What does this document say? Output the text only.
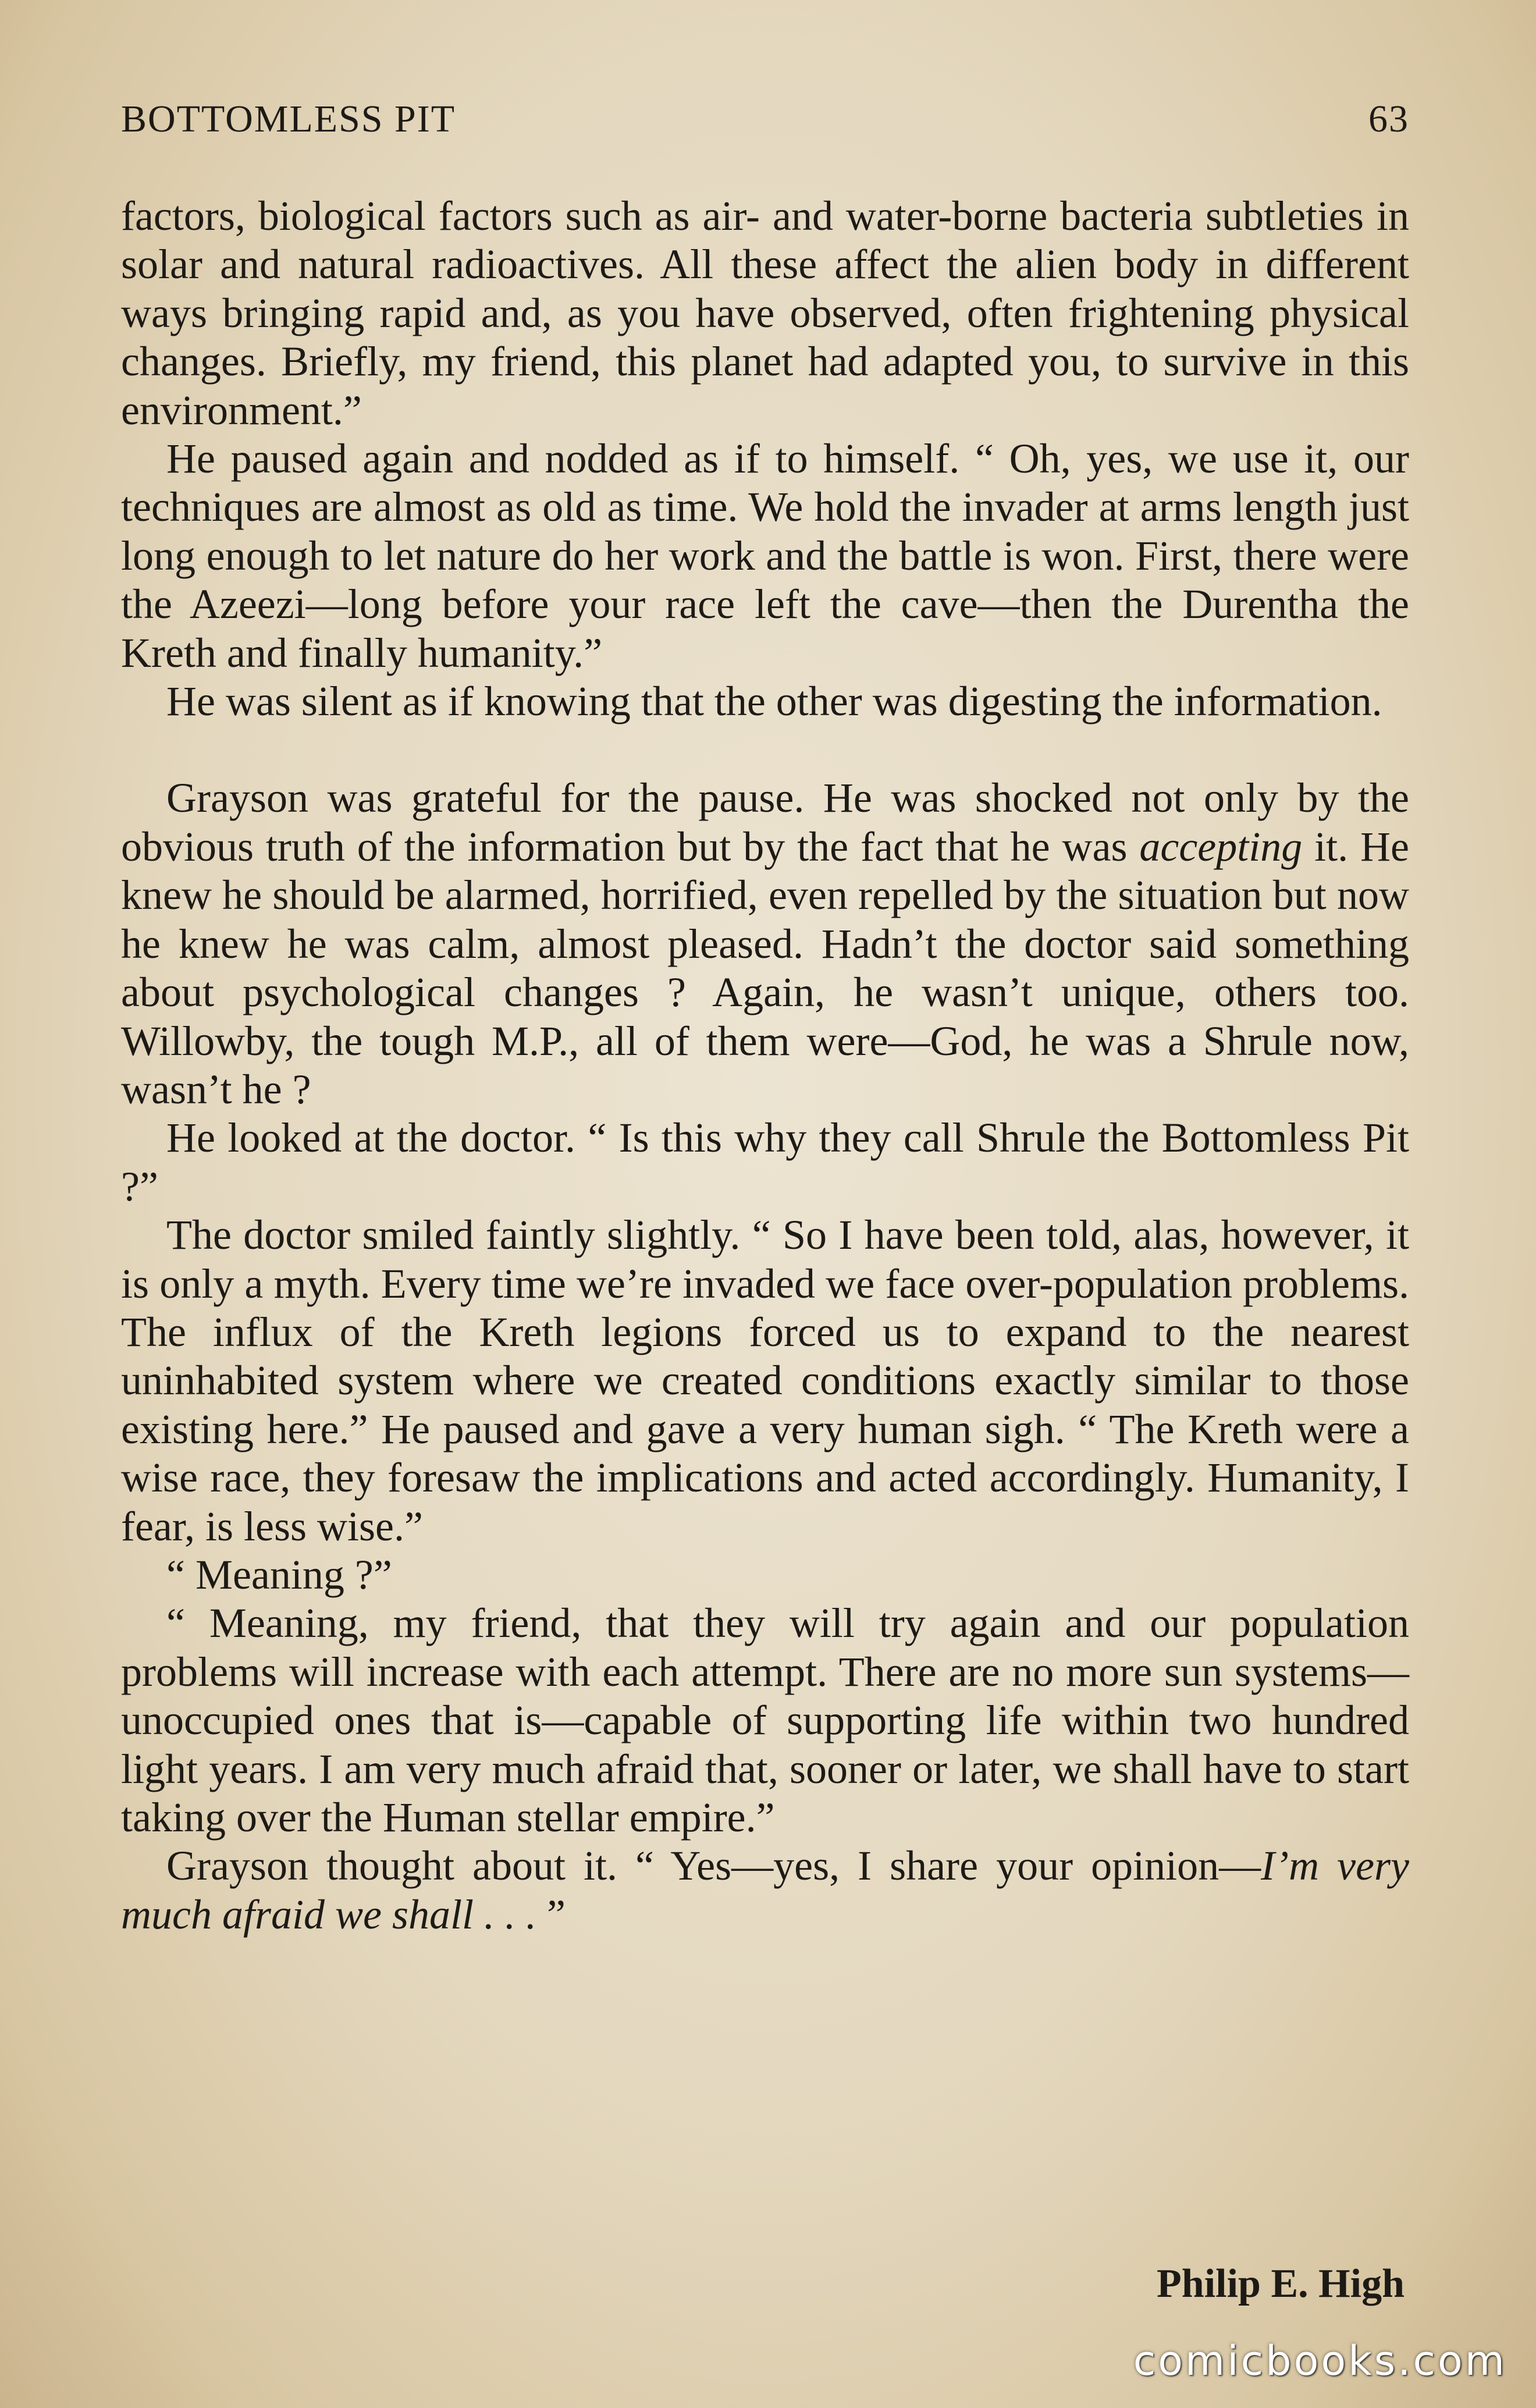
BOTTOMLESS PIT	63

factors, biological factors such as air- and water-borne bacteria subtleties in solar and natural radioactives. All these affect the alien body in different ways bringing rapid and, as you have observed, often frightening physical changes. Briefly, my friend, this planet had adapted you, to survive in this environment.”

He paused again and nodded as if to himself. “ Oh, yes, we use it, our techniques are almost as old as time. We hold the invader at arms length just long enough to let nature do her work and the battle is won. First, there were the Azeezi—long before your race left the cave—then the Durentha the Kreth and finally humanity.”

He was silent as if knowing that the other was digesting the information.

Grayson was grateful for the pause. He was shocked not only by the obvious truth of the information but by the fact that he was accepting it. He knew he should be alarmed, horrified, even repelled by the situation but now he knew he was calm, almost pleased. Hadn’t the doctor said something about psychological changes ? Again, he wasn’t unique, others too. Willowby, the tough M.P., all of them were—God, he was a Shrule now, wasn’t he ?

He looked at the doctor. “ Is this why they call Shrule the Bottomless Pit ?”

The doctor smiled faintly slightly. “ So I have been told, alas, however, it is only a myth. Every time we’re invaded we face over-population problems. The influx of the Kreth legions forced us to expand to the nearest uninhabited system where we created conditions exactly similar to those existing here.” He paused and gave a very human sigh. “ The Kreth were a wise race, they foresaw the implications and acted accordingly. Humanity, I fear, is less wise.”

“ Meaning ?”

“ Meaning, my friend, that they will try again and our population problems will increase with each attempt. There are no more sun systems—unoccupied ones that is—capable of supporting life within two hundred light years. I am very much afraid that, sooner or later, we shall have to start taking over the Human stellar empire.”

Grayson thought about it. “ Yes—yes, I share your opinion—I’m very much afraid we shall . . . ”

Philip E. High
comicbooks.com
